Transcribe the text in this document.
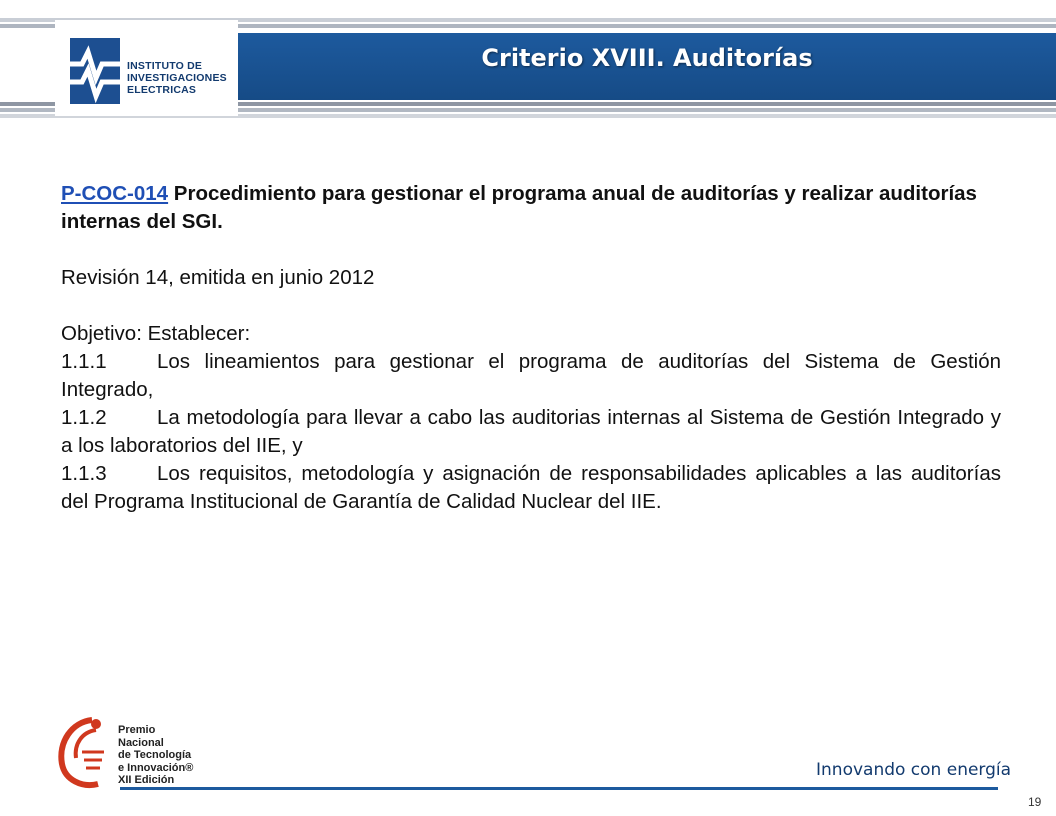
Criterio XVIII. Auditorías
INSTITUTO DE
INVESTIGACIONES
ELECTRICAS

P-COC-014 Procedimiento para gestionar el programa anual de auditorías y realizar auditorías internas del SGI.

Revisión 14, emitida en junio 2012

Objetivo: Establecer:

1.1.1 Los lineamientos para gestionar el programa de auditorías del Sistema de Gestión Integrado,

1.1.2 La metodología para llevar a cabo las auditorias internas al Sistema de Gestión Integrado y a los laboratorios del IIE, y

1.1.3 Los requisitos, metodología y asignación de responsabilidades aplicables a las auditorías del Programa Institucional de Garantía de Calidad Nuclear del IIE.

Premio
Nacional
de Tecnología
e Innovación®
XII Edición	Innovando con energía
19
